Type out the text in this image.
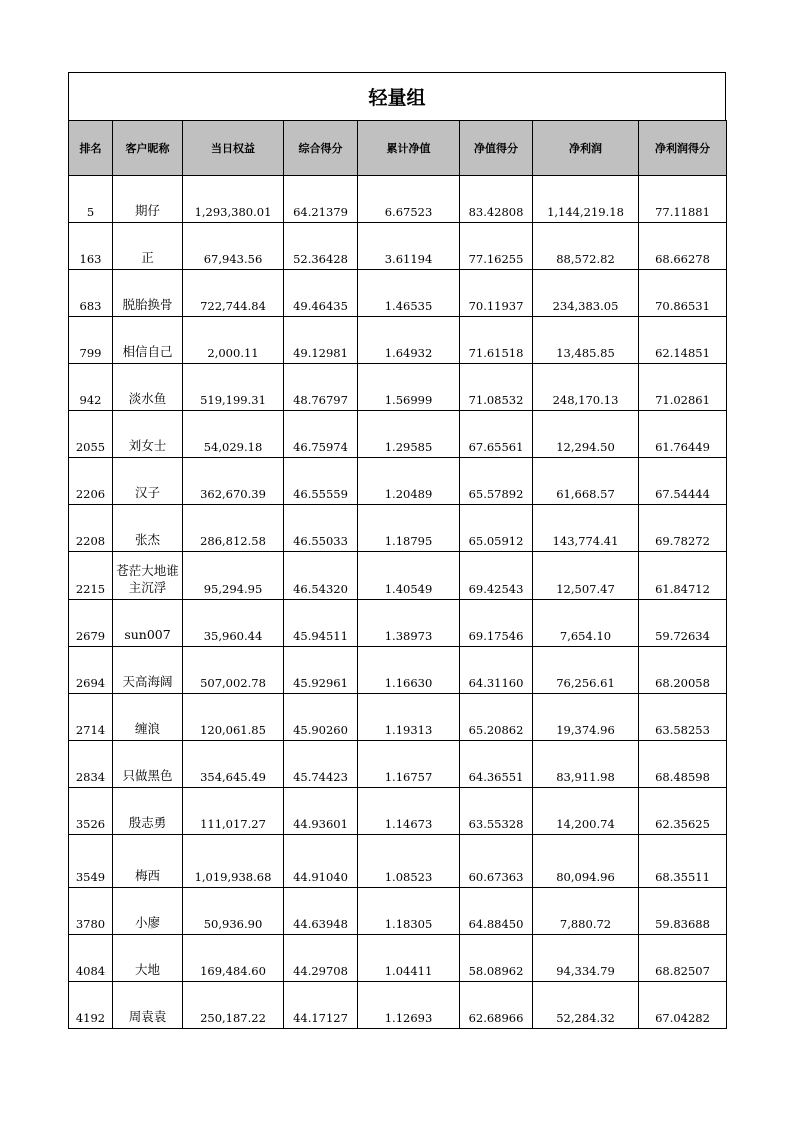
轻量组
排名	客户昵称	当日权益	综合得分	累计净值	净值得分	净利润	净利润得分
5	期仔	1,293,380.01	64.21379	6.67523	83.42808	1,144,219.18	77.11881
163	正	67,943.56	52.36428	3.61194	77.16255	88,572.82	68.66278
683	脱胎换骨	722,744.84	49.46435	1.46535	70.11937	234,383.05	70.86531
799	相信自己	2,000.11	49.12981	1.64932	71.61518	13,485.85	62.14851
942	淡水鱼	519,199.31	48.76797	1.56999	71.08532	248,170.13	71.02861
2055	刘女士	54,029.18	46.75974	1.29585	67.65561	12,294.50	61.76449
2206	汉子	362,670.39	46.55559	1.20489	65.57892	61,668.57	67.54444
2208	张杰	286,812.58	46.55033	1.18795	65.05912	143,774.41	69.78272
2215	苍茫大地谁主沉浮	95,294.95	46.54320	1.40549	69.42543	12,507.47	61.84712
2679	sun007	35,960.44	45.94511	1.38973	69.17546	7,654.10	59.72634
2694	天高海阔	507,002.78	45.92961	1.16630	64.31160	76,256.61	68.20058
2714	缠浪	120,061.85	45.90260	1.19313	65.20862	19,374.96	63.58253
2834	只做黑色	354,645.49	45.74423	1.16757	64.36551	83,911.98	68.48598
3526	殷志勇	111,017.27	44.93601	1.14673	63.55328	14,200.74	62.35625
3549	梅西	1,019,938.68	44.91040	1.08523	60.67363	80,094.96	68.35511
3780	小廖	50,936.90	44.63948	1.18305	64.88450	7,880.72	59.83688
4084	大地	169,484.60	44.29708	1.04411	58.08962	94,334.79	68.82507
4192	周袁袁	250,187.22	44.17127	1.12693	62.68966	52,284.32	67.04282
